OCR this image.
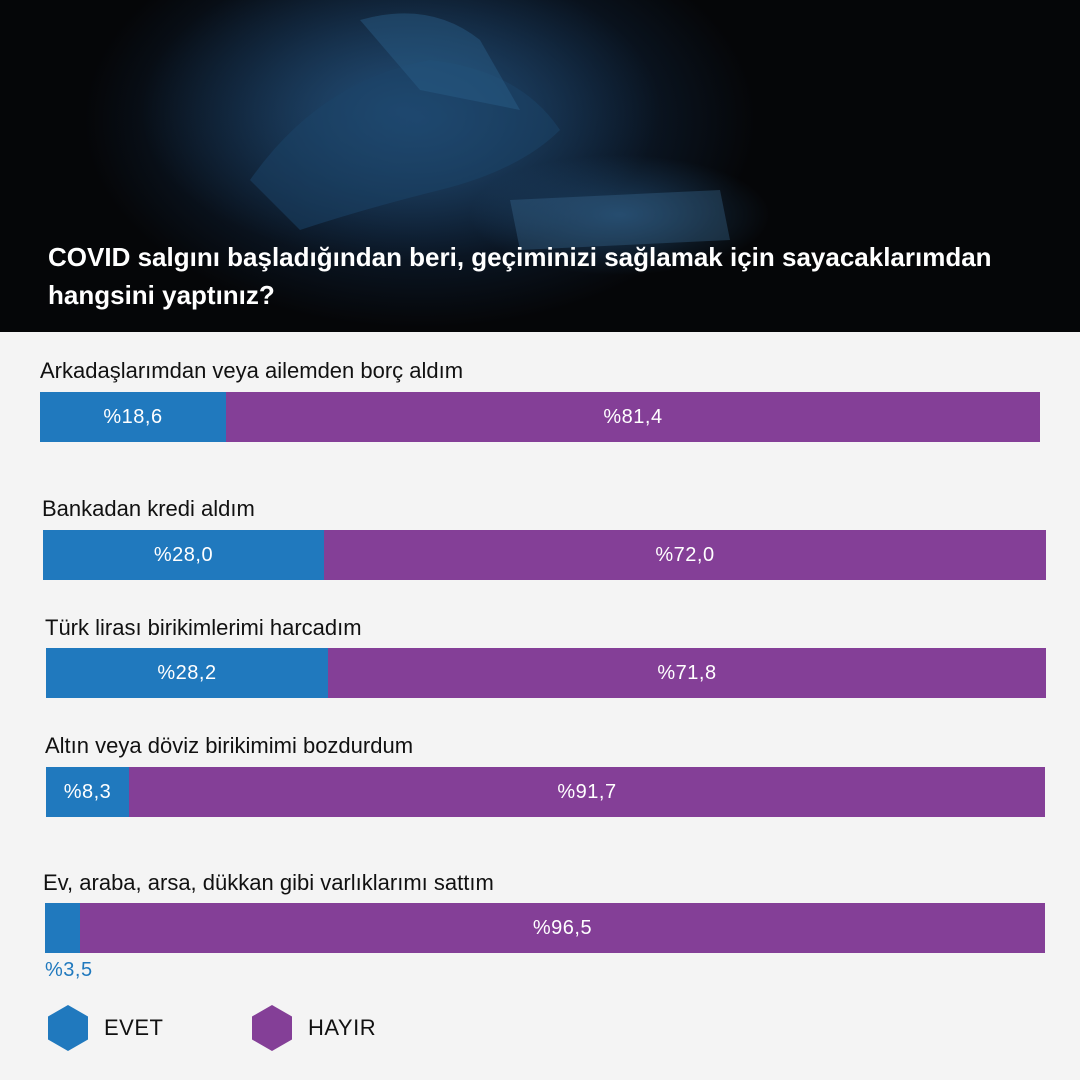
COVID salgını başladığından beri, geçiminizi sağlamak için sayacaklarımdan hangsini yaptınız?
Arkadaşlarımdan veya ailemden borç aldım
%18,6	%81,4
Bankadan kredi aldım
%28,0	%72,0
Türk lirası birikimlerimi harcadım
%28,2	%71,8
Altın veya döviz birikimimi bozdurdum
%8,3	%91,7
Ev, araba, arsa, dükkan gibi varlıklarımı sattım
%3,5
%96,5
EVET	HAYIR
